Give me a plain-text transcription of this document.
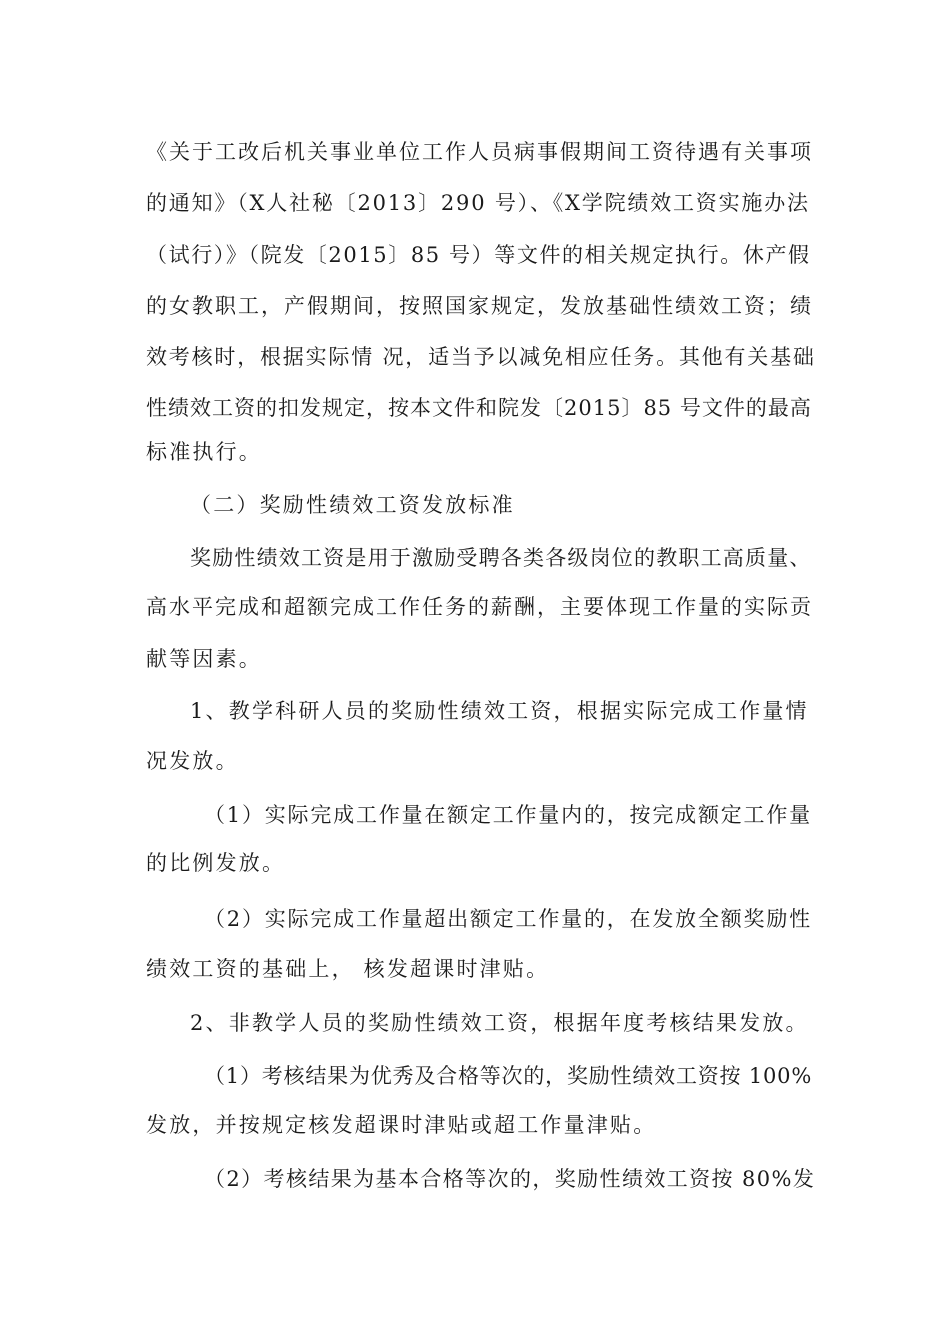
《关于工改后机关事业单位工作人员病事假期间工资待遇有关事项
的通知》（X人社秘〔2013〕290 号）、《X学院绩效工资实施办法
（试行）》（院发〔2015〕85 号）等文件的相关规定执行。休产假
的女教职工，产假期间，按照国家规定，发放基础性绩效工资；绩
效考核时，根据实际情 况，适当予以减免相应任务。其他有关基础
性绩效工资的扣发规定，按本文件和院发〔2015〕85 号文件的最高
标准执行。
（二）奖励性绩效工资发放标准
奖励性绩效工资是用于激励受聘各类各级岗位的教职工高质量、
高水平完成和超额完成工作任务的薪酬，主要体现工作量的实际贡
献等因素。
1、教学科研人员的奖励性绩效工资，根据实际完成工作量情
况发放。
（1）实际完成工作量在额定工作量内的，按完成额定工作量
的比例发放。
（2）实际完成工作量超出额定工作量的，在发放全额奖励性
绩效工资的基础上， 核发超课时津贴。
2、非教学人员的奖励性绩效工资，根据年度考核结果发放。
（1）考核结果为优秀及合格等次的，奖励性绩效工资按 100%
发放，并按规定核发超课时津贴或超工作量津贴。
（2）考核结果为基本合格等次的，奖励性绩效工资按 80%发
